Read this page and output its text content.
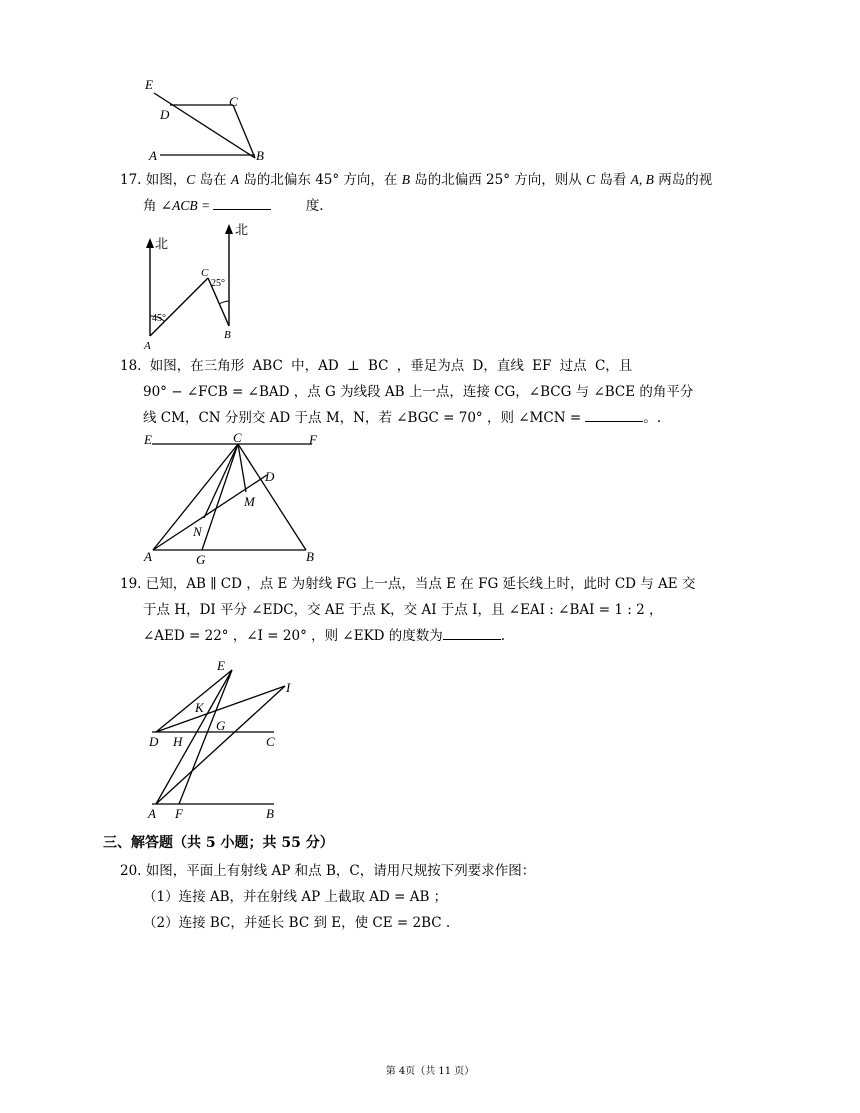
E
D
C
A	B
17. 如图，C 岛在 A 岛的北偏东 45° 方向，在 B 岛的北偏西 25° 方向，则从 C 岛看 A, B 两岛的视
角 ∠ACB =	度.
北
北
45°
25°
A
B
C
18. 如图，在三角形 ABC 中，AD ⊥ BC ，垂足为点 D，直线 EF 过点 C，且
90° − ∠FCB = ∠BAD ，点 G 为线段 AB 上一点，连接 CG，∠BCG 与 ∠BCE 的角平分
线 CM，CN 分别交 AD 于点 M，N，若 ∠BGC = 70° ，则 ∠MCN =	。.
E	C	F
D
M
N
A	G	B
19. 已知，AB ∥ CD ，点 E 为射线 FG 上一点，当点 E 在 FG 延长线上时，此时 CD 与 AE 交
于点 H，DI 平分 ∠EDC，交 AE 于点 K，交 AI 于点 I，且 ∠EAI : ∠BAI = 1 : 2 ，
∠AED = 22° ，∠I = 20° ，则 ∠EKD 的度数为	.
E
I
K
G
D H	C
A F	B
三、解答题（共 5 小题；共 55 分）
20. 如图，平面上有射线 AP 和点 B，C，请用尺规按下列要求作图：
（1）连接 AB，并在射线 AP 上截取 AD = AB ；
（2）连接 BC，并延长 BC 到 E，使 CE = 2BC .
第 4页（共 11 页）
